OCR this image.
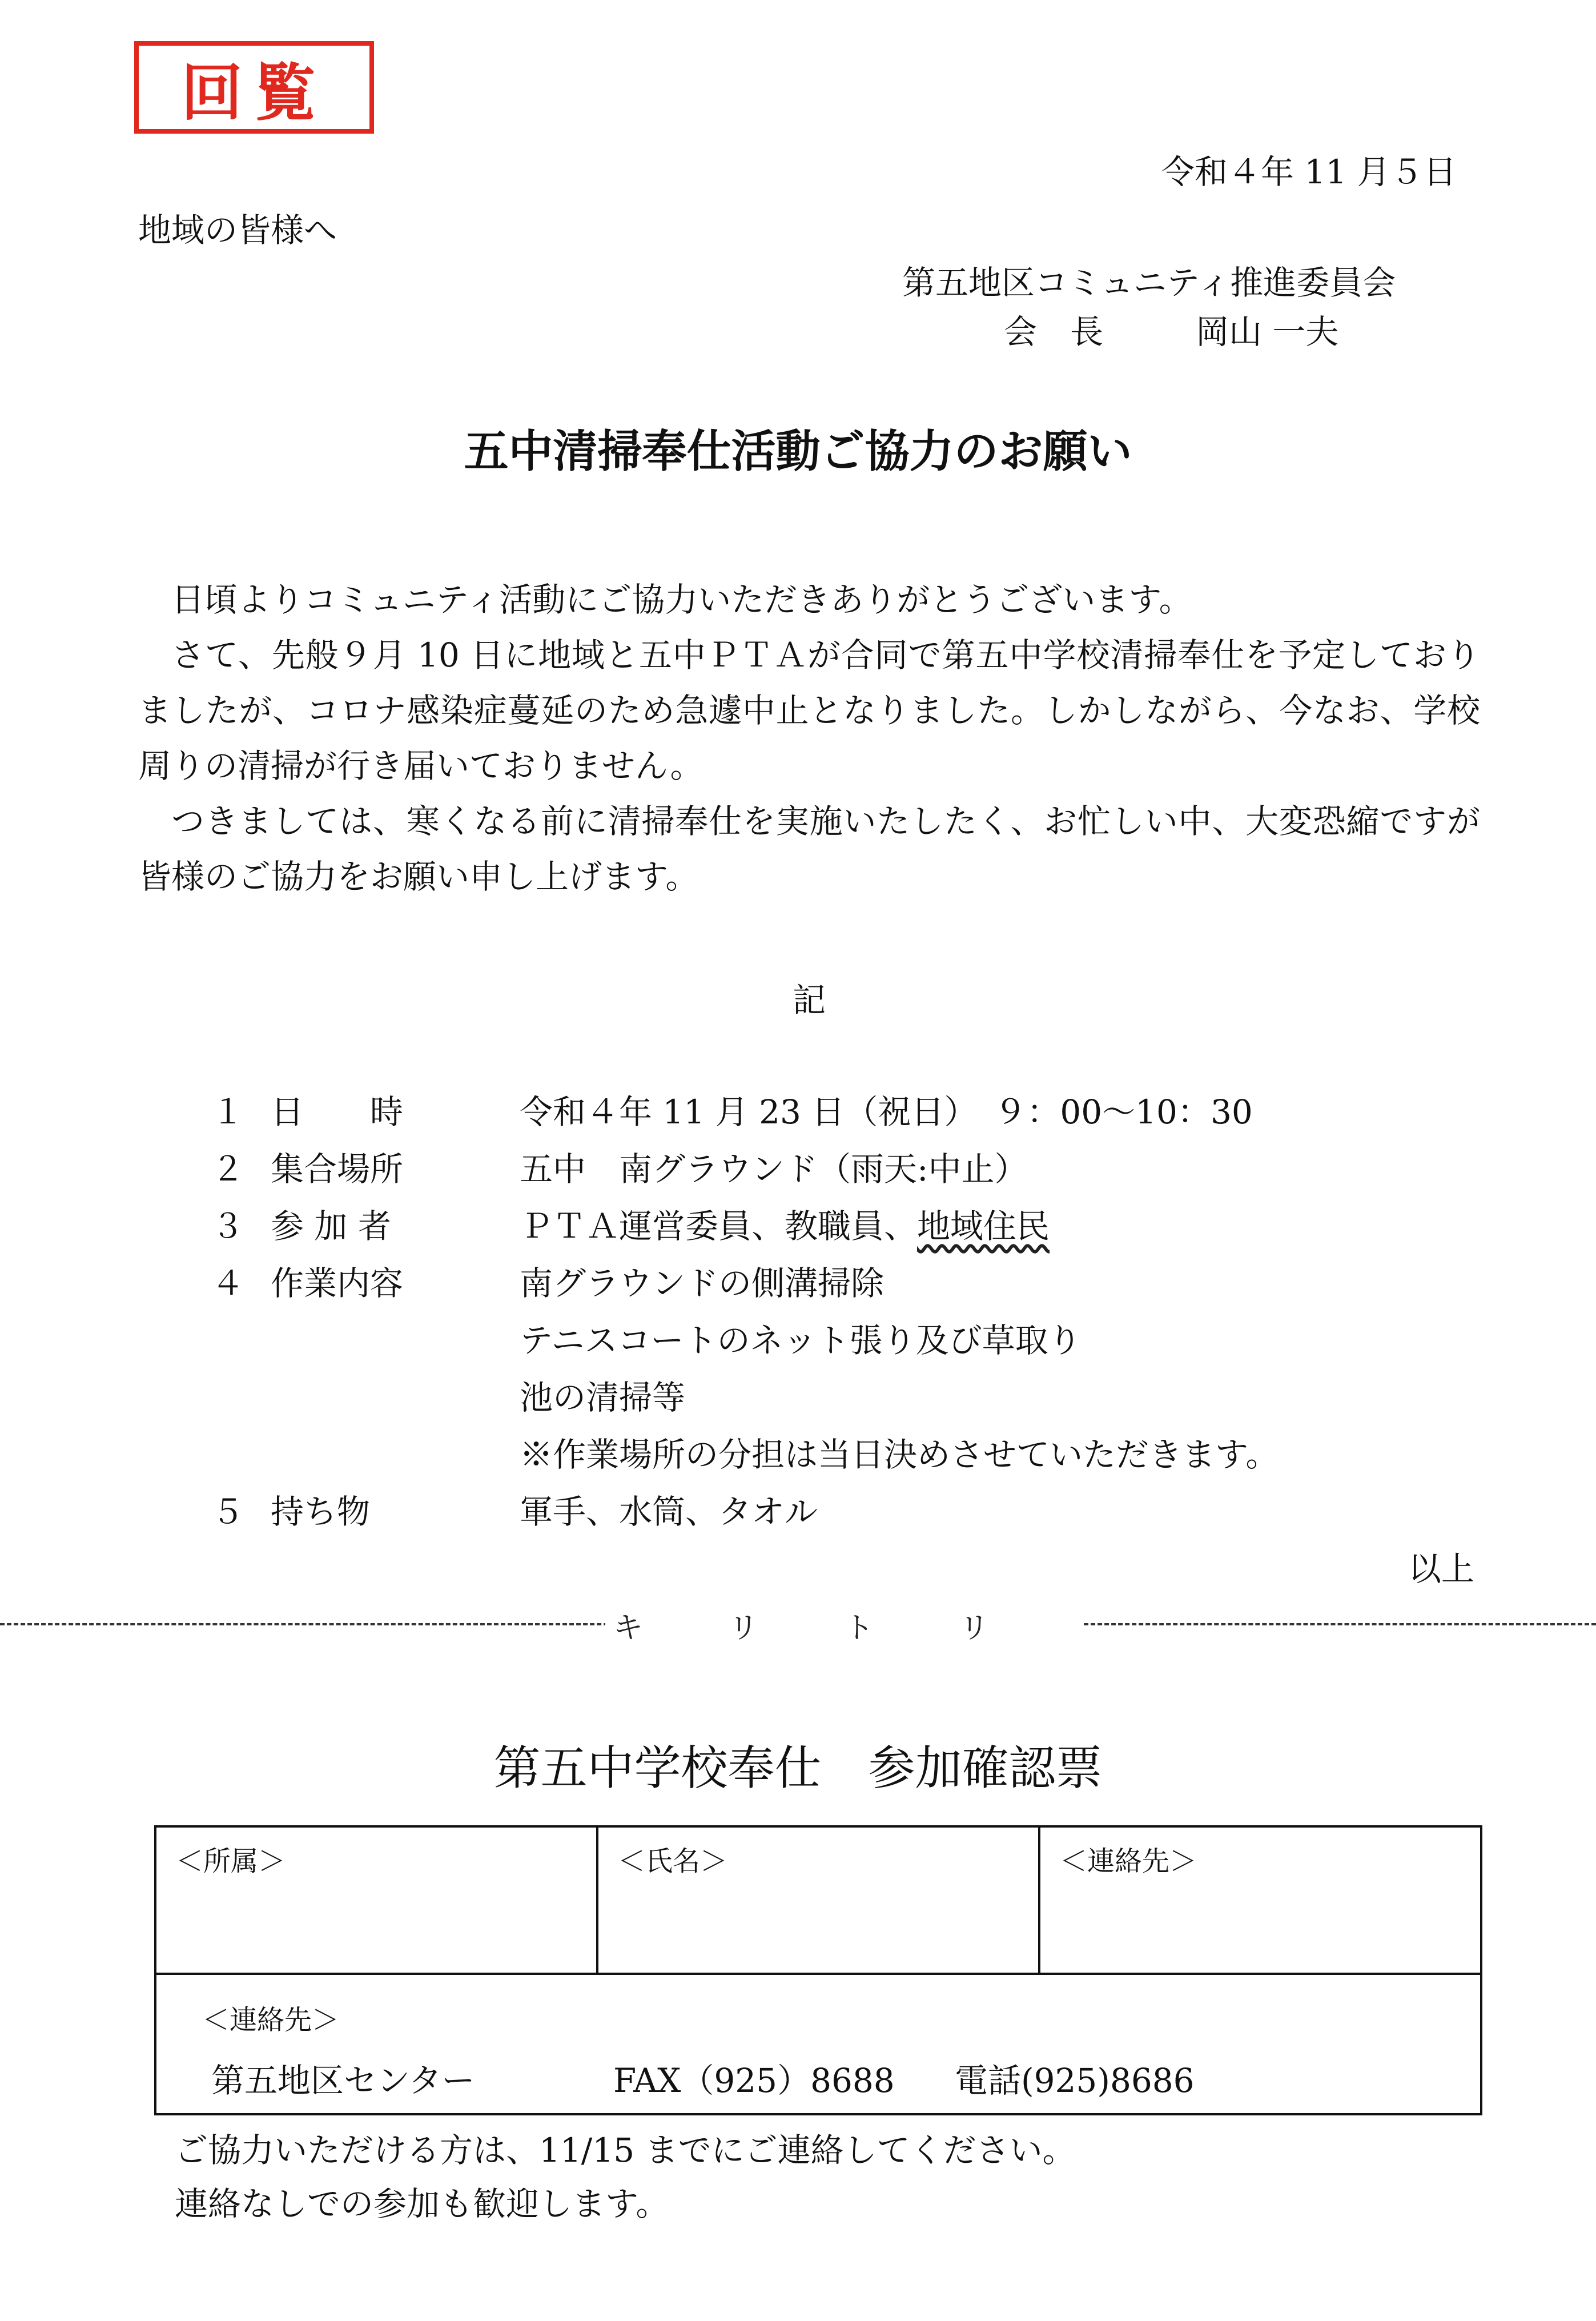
回覧
令和４年 11 月５日
地域の皆様へ
第五地区コミュニティ推進委員会
会　長	岡山 一夫
五中清掃奉仕活動ご協力のお願い

日頃よりコミュニティ活動にご協力いただきありがとうございます。

さて、先般９月 10 日に地域と五中ＰＴＡが合同で第五中学校清掃奉仕を予定しておりましたが、コロナ感染症蔓延のため急遽中止となりました。しかしながら、今なお、学校周りの清掃が行き届いておりません。

つきましては、寒くなる前に清掃奉仕を実施いたしたく、お忙しい中、大変恐縮ですが皆様のご協力をお願い申し上げます。

記
１ 日　　時	令和４年 11 月 23 日（祝日）　９：00～10：30
２ 集合場所	五中　南グラウンド（雨天:中止）
３ 参 加 者	ＰＴＡ運営委員、教職員、地域住民
４ 作業内容	南グラウンドの側溝掃除
テニスコートのネット張り及び草取り
池の清掃等
※作業場所の分担は当日決めさせていただきます。
５ 持ち物	軍手、水筒、タオル
以上
キリトリ
第五中学校奉仕　参加確認票
＜所属＞	＜氏名＞	＜連絡先＞
＜連絡先＞
第五地区センター	FAX（925）8688 電話(925)8686
ご協力いただける方は、11/15 までにご連絡してください。
連絡なしでの参加も歓迎します。
